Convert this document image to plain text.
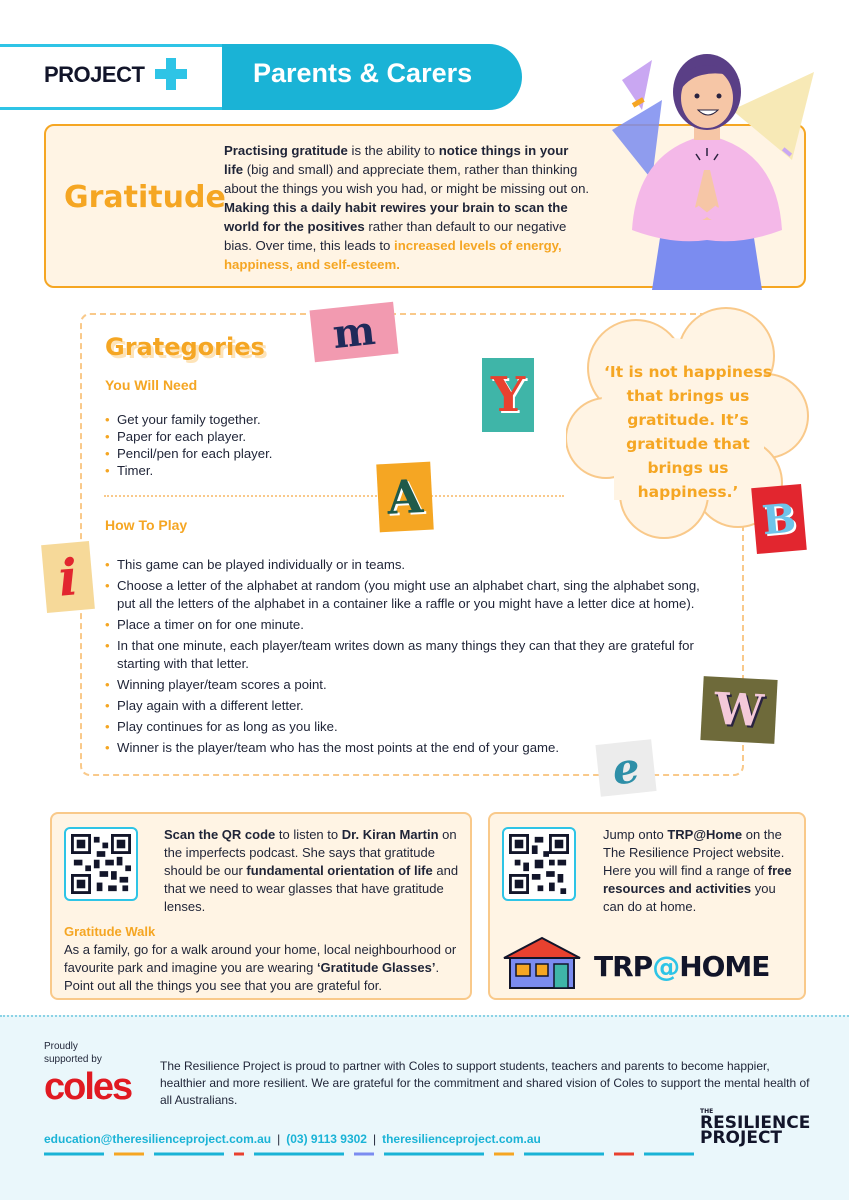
PROJECT	Parents & Carers
Gratitude
Practising gratitude is the ability to notice things in your life (big and small) and appreciate them, rather than thinking about the things you wish you had, or might be missing out on. Making this a daily habit rewires your brain to scan the world for the positives rather than default to our negative bias. Over time, this leads to increased levels of energy, happiness, and self-esteem.
Grategories
You Will Need
• Get your family together.
• Paper for each player.
• Pencil/pen for each player.
• Timer.
How To Play
• This game can be played individually or in teams.
• Choose a letter of the alphabet at random (you might use an alphabet chart, sing the alphabet song, put all the letters of the alphabet in a container like a raffle or you might have a letter dice at home).
• Place a timer on for one minute.
• In that one minute, each player/team writes down as many things they can that they are grateful for starting with that letter.
• Winning player/team scores a point.
• Play again with a different letter.
• Play continues for as long as you like.
• Winner is the player/team who has the most points at the end of your game.
‘It is not happiness that brings us gratitude. It’s gratitude that brings us happiness.’
m
Y
A	B
i
W
e
Scan the QR code to listen to Dr. Kiran Martin on the imperfects podcast. She says that gratitude should be our fundamental orientation of life and that we need to wear glasses that have gratitude lenses.
Gratitude Walk
As a family, go for a walk around your home, local neighbourhood or favourite park and imagine you are wearing ‘Gratitude Glasses’. Point out all the things you see that you are grateful for.
Jump onto TRP@Home on the The Resilience Project website. Here you will find a range of free resources and activities you can do at home.
TRP@HOME
Proudly supported by
coles The Resilience Project is proud to partner with Coles to support students, teachers and parents to become happier, healthier and more resilient. We are grateful for the commitment and shared vision of Coles to support the mental health of all Australians.
education@theresilienceproject.com.au | (03) 9113 9302 | theresilienceproject.com.au
THE
RESILIENCE
PROJECT
